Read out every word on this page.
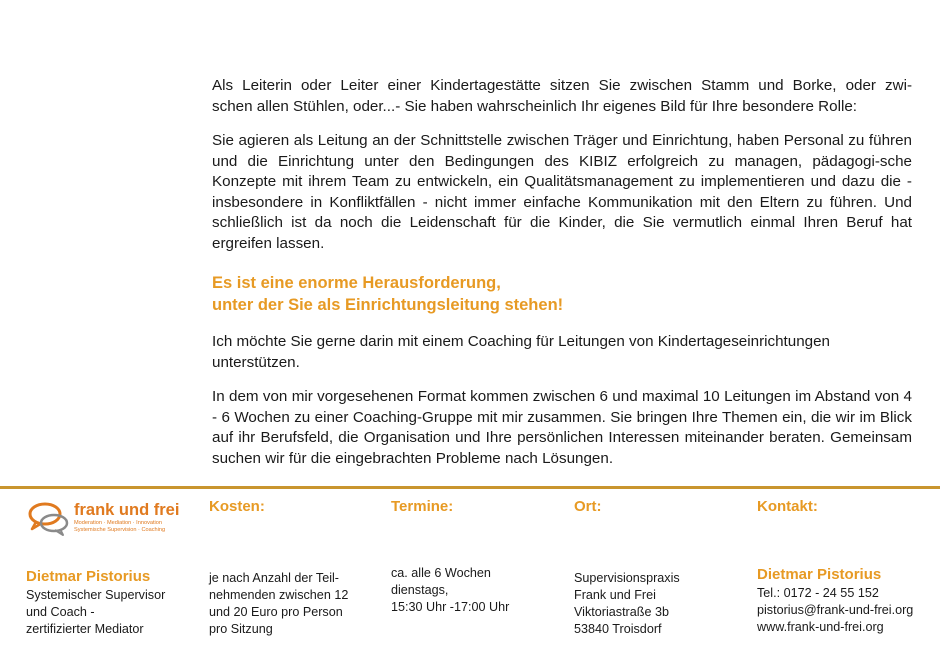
Als Leiterin oder Leiter einer Kindertagestätte sitzen Sie zwischen Stamm und Borke, oder zwi-
schen allen Stühlen, oder...- Sie haben wahrscheinlich Ihr eigenes Bild für Ihre besondere Rolle:

Sie agieren als Leitung an der Schnittstelle zwischen Träger und Einrichtung, haben Personal zu führen und die Einrichtung unter den Bedingungen des KIBIZ erfolgreich zu managen, pädagogi-sche Konzepte mit ihrem Team zu entwickeln, ein Qualitätsmanagement zu implementieren und dazu die - insbesondere in Konfliktfällen - nicht immer einfache Kommunikation mit den Eltern zu führen. Und schließlich ist da noch die Leidenschaft für die Kinder, die Sie vermutlich einmal Ihren Beruf hat ergreifen lassen.

Es ist eine enorme Herausforderung,
unter der Sie als Einrichtungsleitung stehen!

Ich möchte Sie gerne darin mit einem Coaching für Leitungen von Kindertageseinrichtungen unterstützen.

In dem von mir vorgesehenen Format kommen zwischen 6 und maximal 10 Leitungen im Abstand von 4 - 6 Wochen zu einer Coaching-Gruppe mit mir zusammen. Sie bringen Ihre Themen ein, die wir im Blick auf ihr Berufsfeld, die Organisation und Ihre persönlichen Interessen miteinander beraten. Gemeinsam suchen wir für die eingebrachten Probleme nach Lösungen.

frank und frei
Moderation · Mediation · Innovation
Systemische Supervision · Coaching
Dietmar Pistorius
Systemischer Supervisor
und Coach -
zertifizierter Mediator
Kosten:
je nach Anzahl der Teil-
nehmenden zwischen 12
und 20 Euro pro Person
pro Sitzung
Termine:
ca. alle 6 Wochen
dienstags,
15:30 Uhr -17:00 Uhr
Ort:
Supervisionspraxis
Frank und Frei
Viktoriastraße 3b
53840 Troisdorf
Kontakt:
Dietmar Pistorius
Tel.: 0172 - 24 55 152
pistorius@frank-und-frei.org
www.frank-und-frei.org
